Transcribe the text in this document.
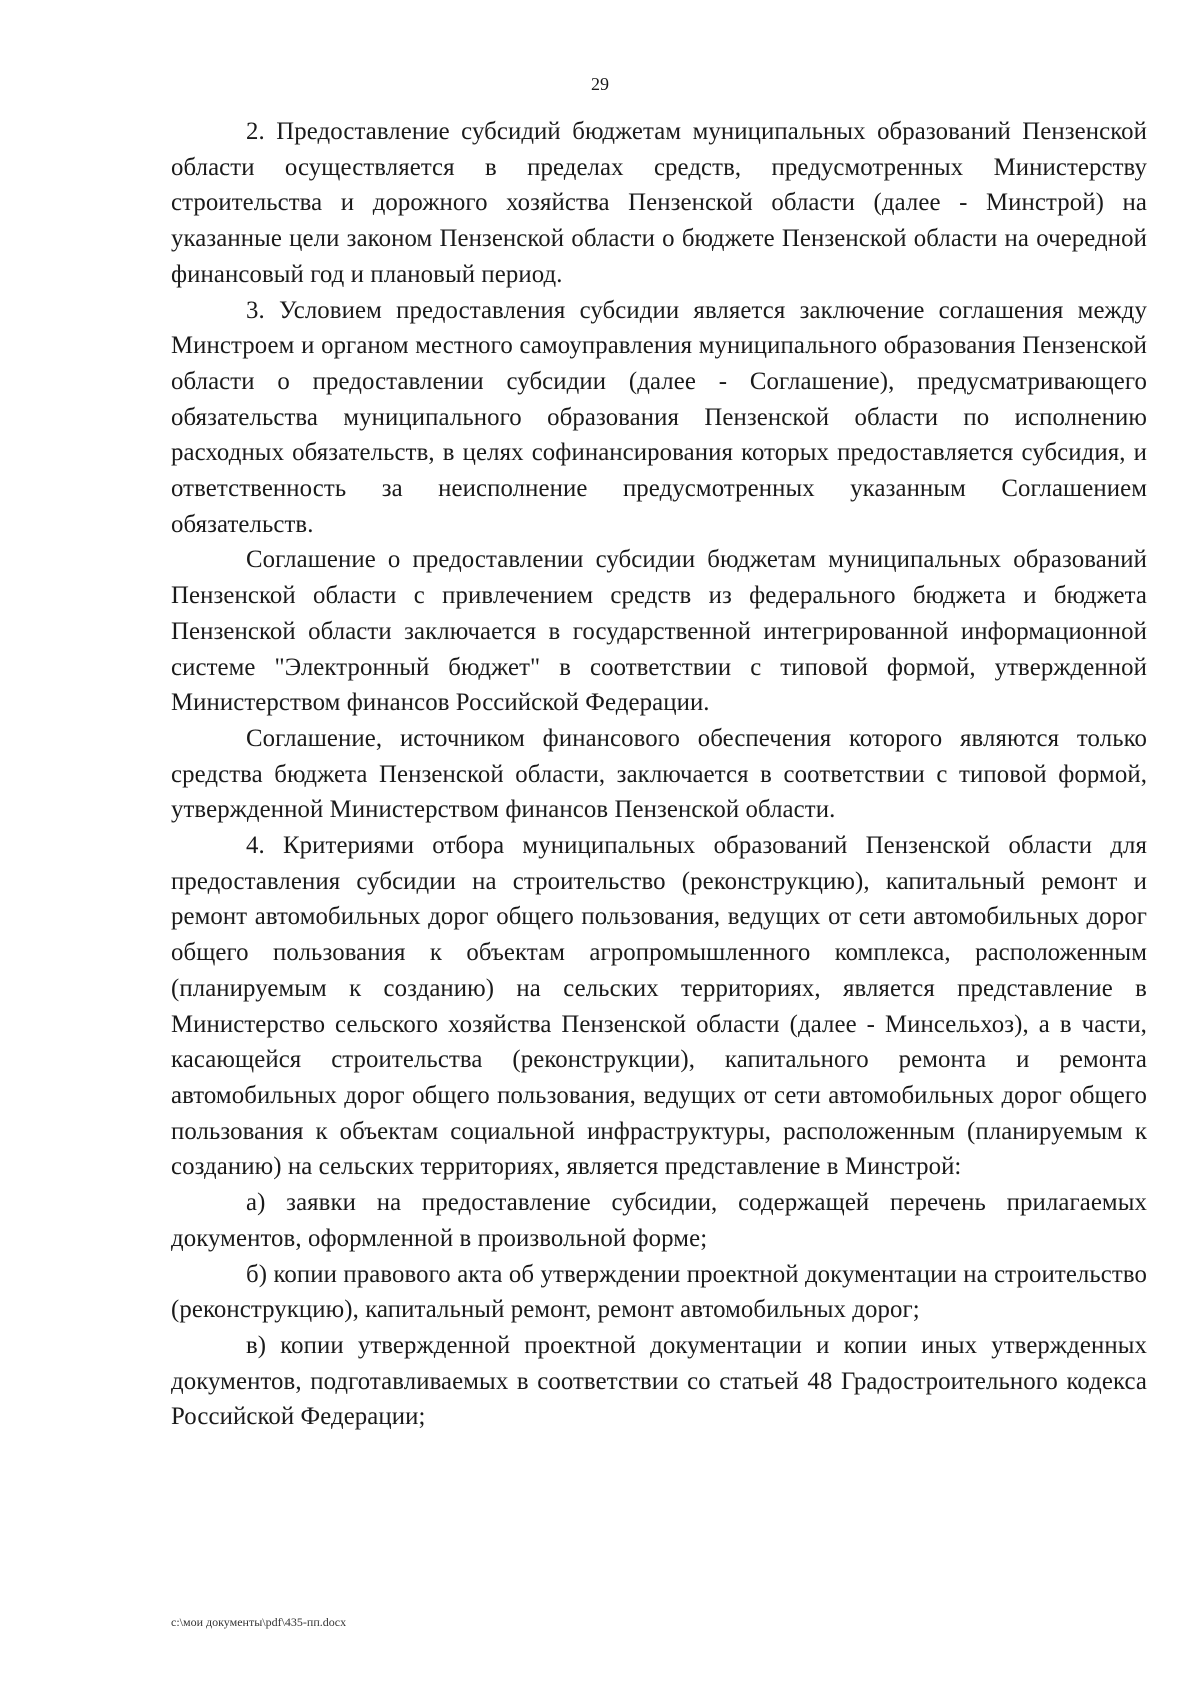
29

2. Предоставление субсидий бюджетам муниципальных образований Пензенской области осуществляется в пределах средств, предусмотренных Министерству строительства и дорожного хозяйства Пензенской области (далее - Минстрой) на указанные цели законом Пензенской области о бюджете Пензенской области на очередной финансовый год и плановый период.

3. Условием предоставления субсидии является заключение соглашения между Минстроем и органом местного самоуправления муниципального образования Пензенской области о предоставлении субсидии (далее - Соглашение), предусматривающего обязательства муниципального образования Пензенской области по исполнению расходных обязательств, в целях софинансирования которых предоставляется субсидия, и ответственность за неисполнение предусмотренных указанным Соглашением обязательств.

Соглашение о предоставлении субсидии бюджетам муниципальных образований Пензенской области с привлечением средств из федерального бюджета и бюджета Пензенской области заключается в государственной интегрированной информационной системе "Электронный бюджет" в соответствии с типовой формой, утвержденной Министерством финансов Российской Федерации.

Соглашение, источником финансового обеспечения которого являются только средства бюджета Пензенской области, заключается в соответствии с типовой формой, утвержденной Министерством финансов Пензенской области.

4. Критериями отбора муниципальных образований Пензенской области для предоставления субсидии на строительство (реконструкцию), капитальный ремонт и ремонт автомобильных дорог общего пользования, ведущих от сети автомобильных дорог общего пользования к объектам агропромышленного комплекса, расположенным (планируемым к созданию) на сельских территориях, является представление в Министерство сельского хозяйства Пензенской области (далее - Минсельхоз), а в части, касающейся строительства (реконструкции), капитального ремонта и ремонта автомобильных дорог общего пользования, ведущих от сети автомобильных дорог общего пользования к объектам социальной инфраструктуры, расположенным (планируемым к созданию) на сельских территориях, является представление в Минстрой:

а) заявки на предоставление субсидии, содержащей перечень прилагаемых документов, оформленной в произвольной форме;

б) копии правового акта об утверждении проектной документации на строительство (реконструкцию), капитальный ремонт, ремонт автомобильных дорог;

в) копии утвержденной проектной документации и копии иных утвержденных документов, подготавливаемых в соответствии со статьей 48 Градостроительного кодекса Российской Федерации;

c:\мои документы\pdf\435-пп.docx
